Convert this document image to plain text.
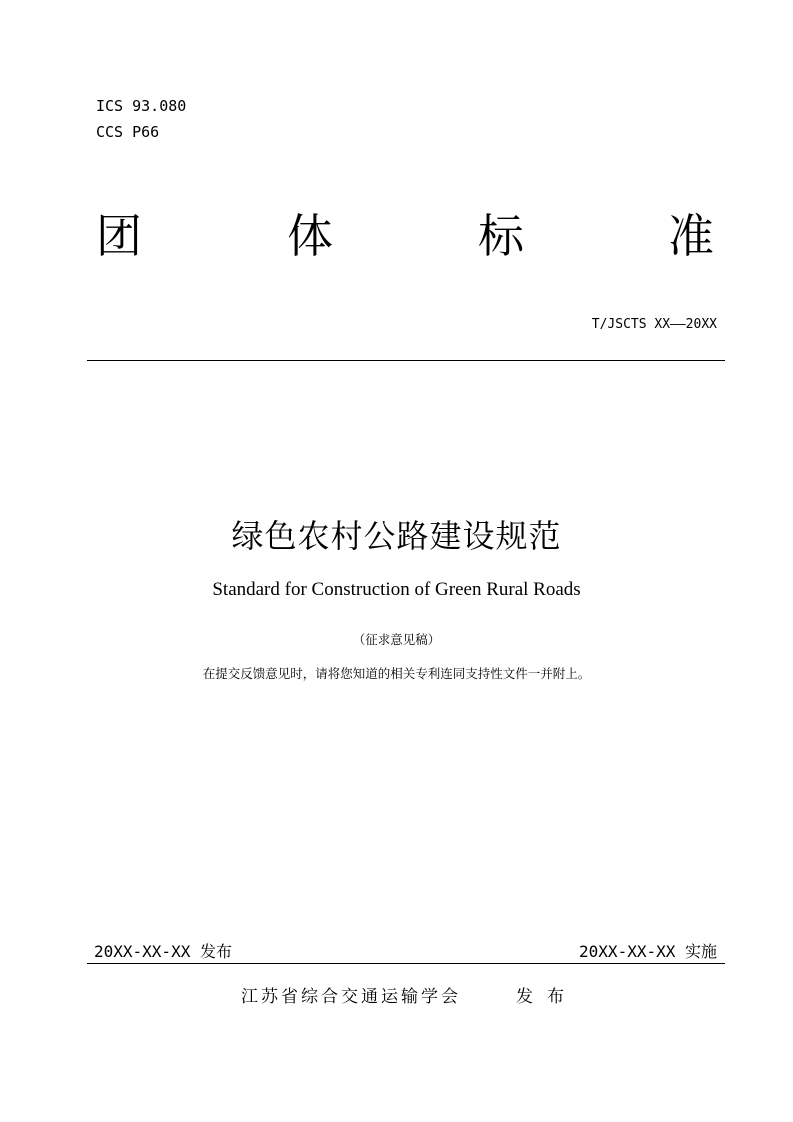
ICS 93.080
CCS P66
团	体	标	准
T/JSCTS XX——20XX
绿色农村公路建设规范
Standard for Construction of Green Rural Roads
（征求意见稿）
在提交反馈意见时，请将您知道的相关专利连同支持性文件一并附上。
20XX-XX-XX 发布	20XX-XX-XX 实施
江苏省综合交通运输学会	发布
